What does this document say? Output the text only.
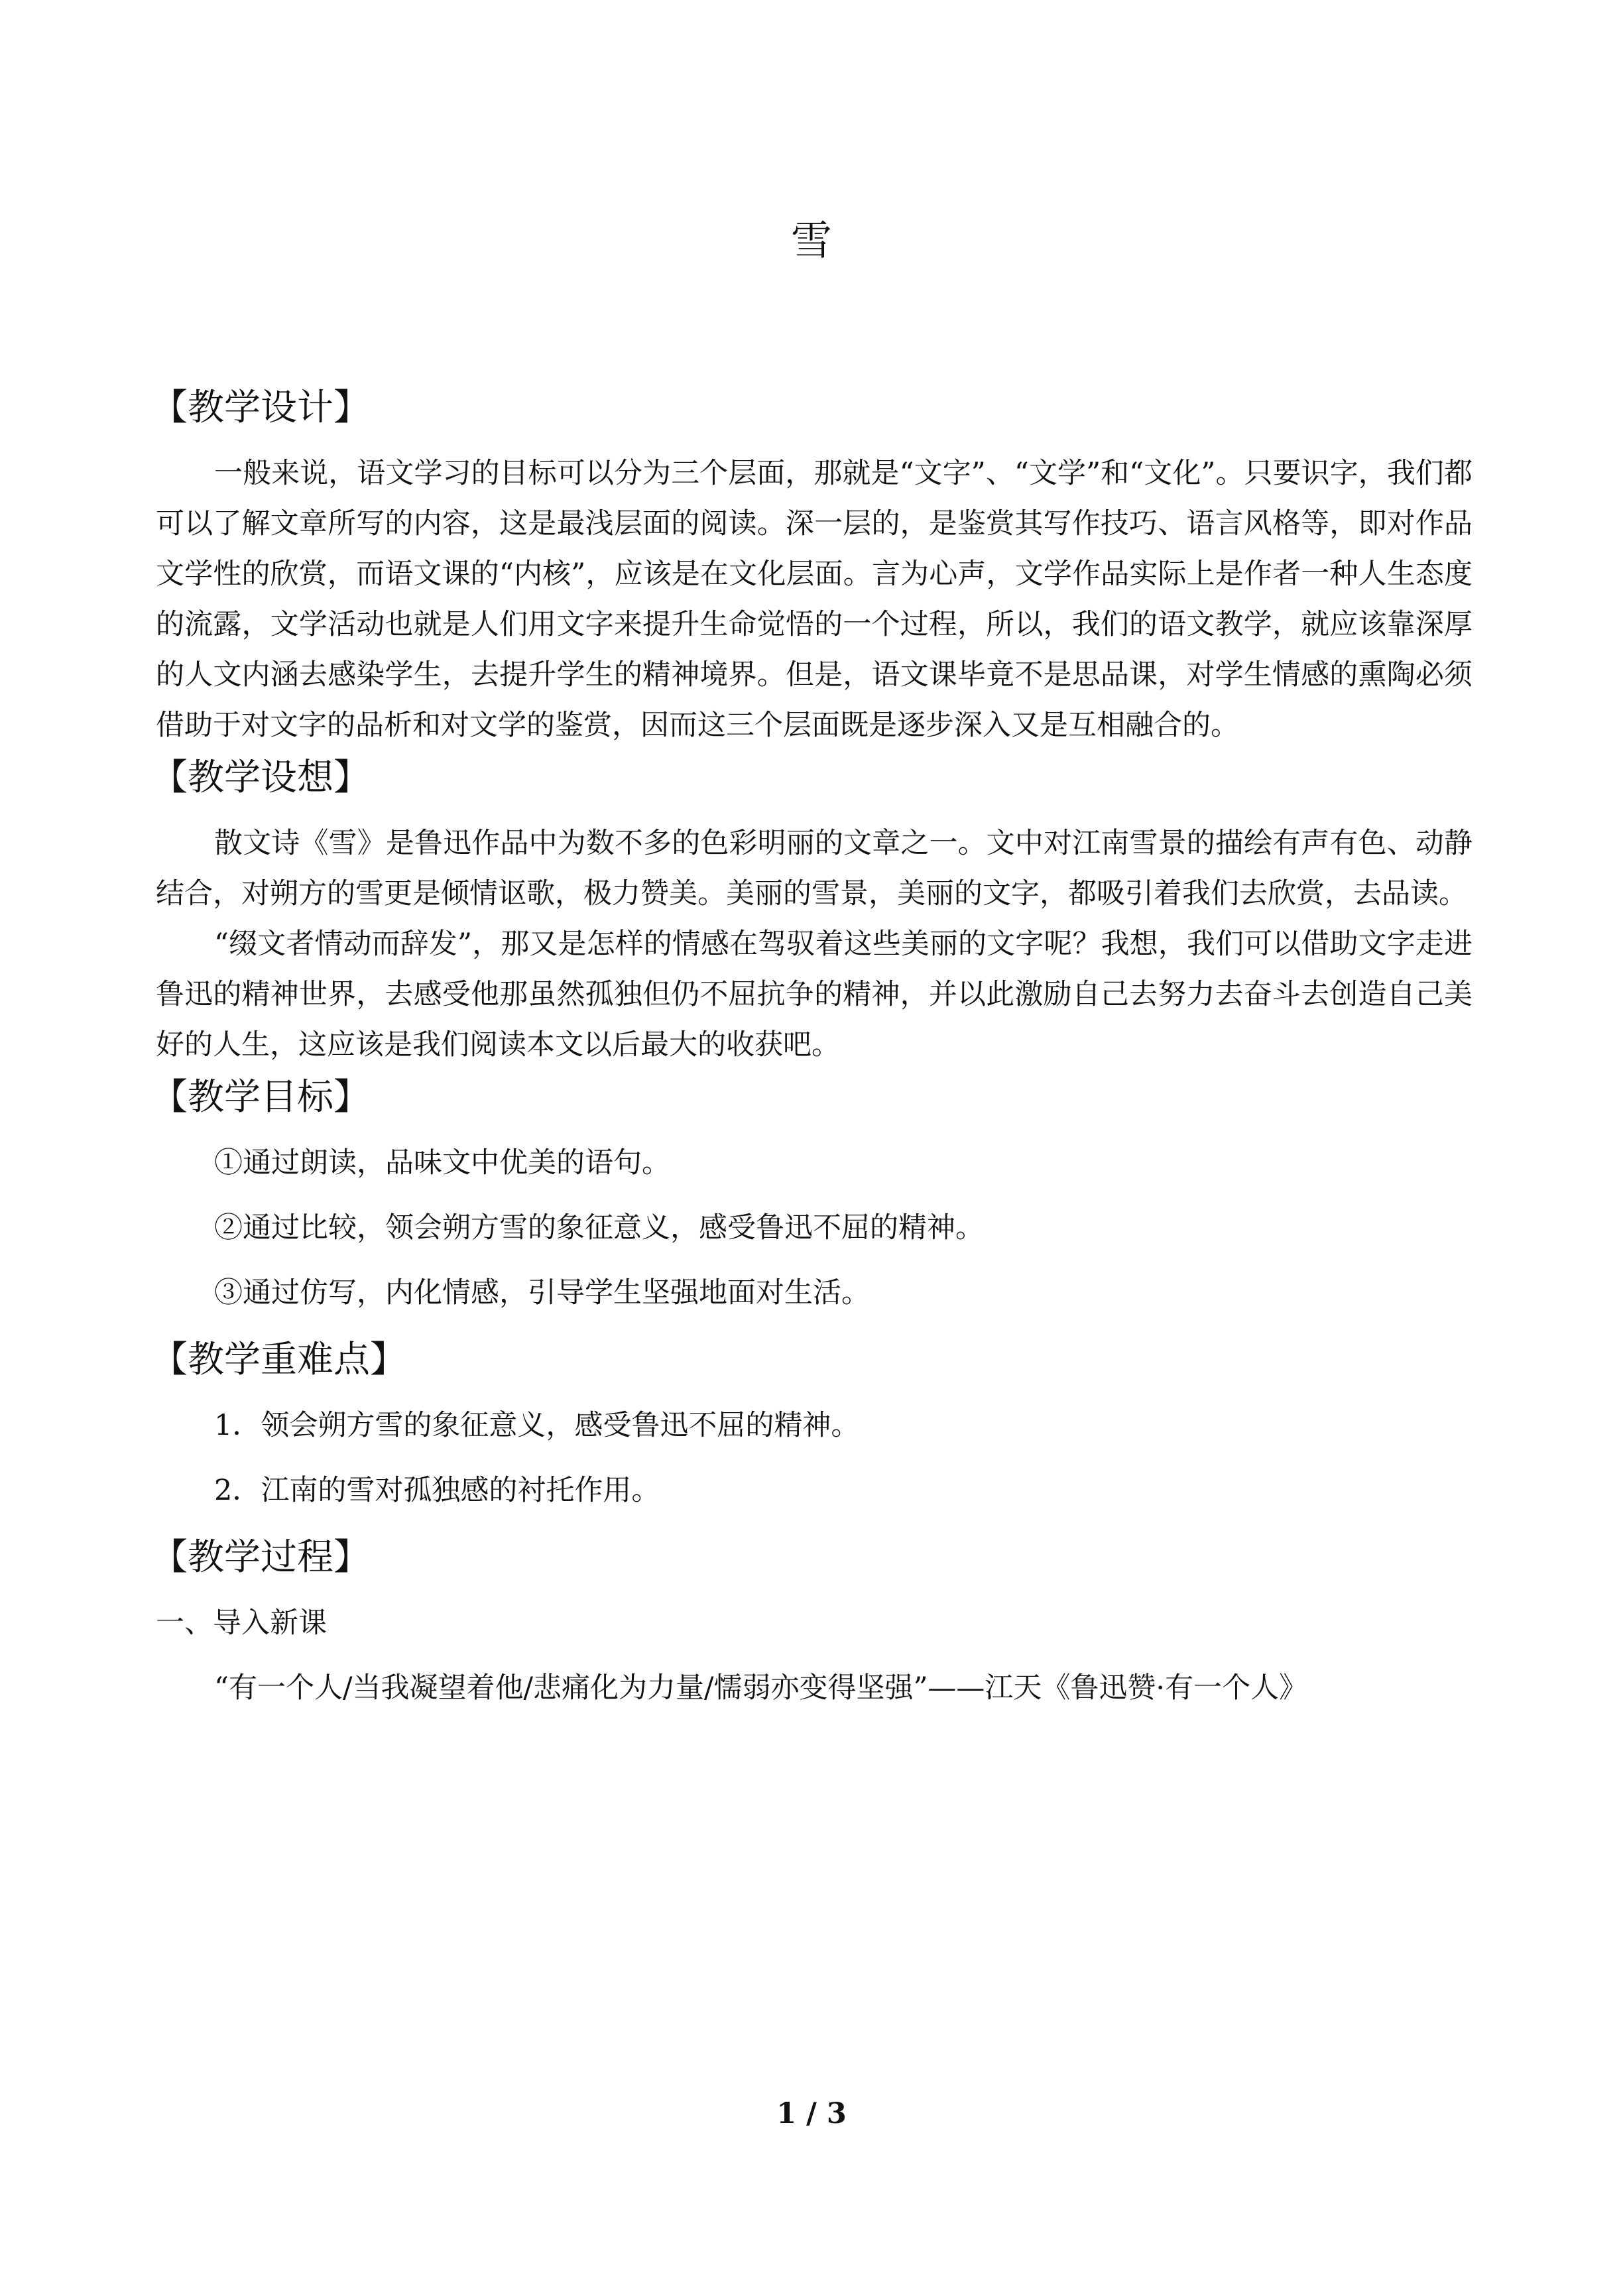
雪

【教学设计】

一般来说，语文学习的目标可以分为三个层面，那就是“文字”、“文学”和“文化”。只要识字，我们都可以了解文章所写的内容，这是最浅层面的阅读。深一层的，是鉴赏其写作技巧、语言风格等，即对作品文学性的欣赏，而语文课的“内核”，应该是在文化层面。言为心声，文学作品实际上是作者一种人生态度的流露，文学活动也就是人们用文字来提升生命觉悟的一个过程，所以，我们的语文教学，就应该靠深厚的人文内涵去感染学生，去提升学生的精神境界。但是，语文课毕竟不是思品课，对学生情感的熏陶必须借助于对文字的品析和对文学的鉴赏，因而这三个层面既是逐步深入又是互相融合的。

【教学设想】

散文诗《雪》是鲁迅作品中为数不多的色彩明丽的文章之一。文中对江南雪景的描绘有声有色、动静结合，对朔方的雪更是倾情讴歌，极力赞美。美丽的雪景，美丽的文字，都吸引着我们去欣赏，去品读。

“缀文者情动而辞发”，那又是怎样的情感在驾驭着这些美丽的文字呢？我想，我们可以借助文字走进鲁迅的精神世界，去感受他那虽然孤独但仍不屈抗争的精神，并以此激励自己去努力去奋斗去创造自己美好的人生，这应该是我们阅读本文以后最大的收获吧。

【教学目标】

①通过朗读，品味文中优美的语句。

②通过比较，领会朔方雪的象征意义，感受鲁迅不屈的精神。

③通过仿写，内化情感，引导学生坚强地面对生活。

【教学重难点】

1．领会朔方雪的象征意义，感受鲁迅不屈的精神。

2．江南的雪对孤独感的衬托作用。

【教学过程】

一、导入新课

“有一个人/当我凝望着他/悲痛化为力量/懦弱亦变得坚强”——江天《鲁迅赞·有一个人》

1 / 3
